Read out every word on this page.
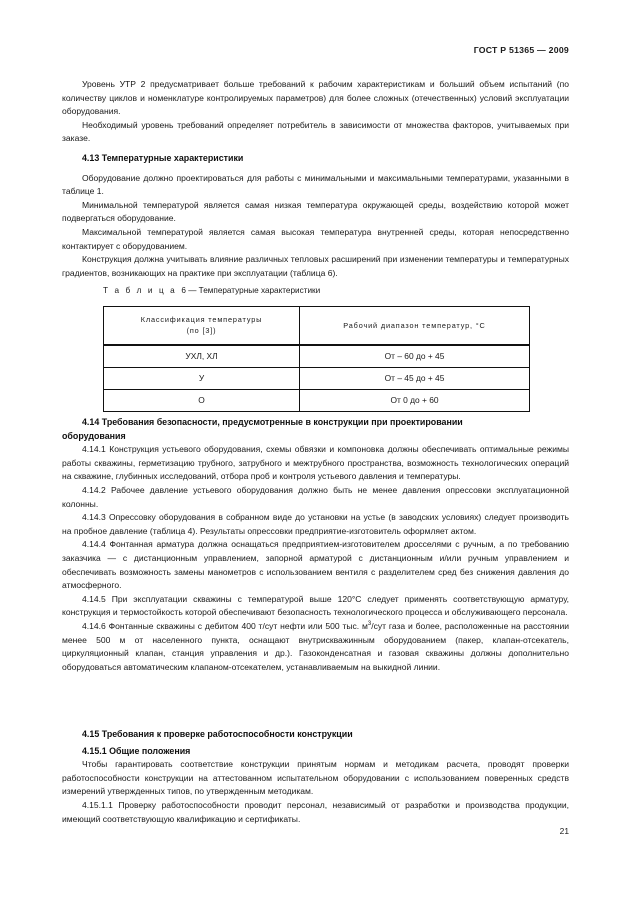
ГОСТ Р 51365 — 2009

Уровень УТР 2 предусматривает больше требований к рабочим характеристикам и больший объем испытаний (по количеству циклов и номенклатуре контролируемых параметров) для более сложных (отечественных) условий эксплуатации оборудования.

Необходимый уровень требований определяет потребитель в зависимости от множества факторов, учитываемых при заказе.

4.13 Температурные характеристики

Оборудование должно проектироваться для работы с минимальными и максимальными температурами, указанными в таблице 1.

Минимальной температурой является самая низкая температура окружающей среды, воздействию которой может подвергаться оборудование.

Максимальной температурой является самая высокая температура внутренней среды, которая непосредственно контактирует с оборудованием.

Конструкция должна учитывать влияние различных тепловых расширений при изменении температуры и температурных градиентов, возникающих на практике при эксплуатации (таблица 6).

Т а б л и ц а 6 — Температурные характеристики
Классификация температуры
(по [3])	Рабочий диапазон температур, °C
УХЛ, ХЛ	От – 60 до + 45
У	От – 45 до + 45
О	От 0 до + 60
4.14 Требования безопасности, предусмотренные в конструкции при проектировании
оборудования

4.14.1 Конструкция устьевого оборудования, схемы обвязки и компоновка должны обеспечивать оптимальные режимы работы скважины, герметизацию трубного, затрубного и межтрубного пространства, возможность технологических операций на скважине, глубинных исследований, отбора проб и контроля устьевого давления и температуры.

4.14.2 Рабочее давление устьевого оборудования должно быть не менее давления опрессовки эксплуатационной колонны.

4.14.3 Опрессовку оборудования в собранном виде до установки на устье (в заводских условиях) следует производить на пробное давление (таблица 4). Результаты опрессовки предприятие-изготовитель оформляет актом.

4.14.4 Фонтанная арматура должна оснащаться предприятием-изготовителем дросселями с ручным, а по требованию заказчика — с дистанционным управлением, запорной арматурой с дистанционным и/или ручным управлением и обеспечивать возможность замены манометров с использованием вентиля с разделителем сред без снижения давления до атмосферного.

4.14.5 При эксплуатации скважины с температурой выше 120°С следует применять соответствующую арматуру, конструкция и термостойкость которой обеспечивают безопасность технологического процесса и обслуживающего персонала.

4.14.6 Фонтанные скважины с дебитом 400 т/сут нефти или 500 тыс. $м^3$/сут газа и более, расположенные на расстоянии менее 500 м от населенного пункта, оснащают внутрискважинным оборудованием (пакер, клапан-отсекатель, циркуляционный клапан, станция управления и др.). Газоконденсатная и газовая скважины должны дополнительно оборудоваться автоматическим клапаном-отсекателем, устанавливаемым на выкидной линии.

4.15 Требования к проверке работоспособности конструкции
4.15.1 Общие положения

Чтобы гарантировать соответствие конструкции принятым нормам и методикам расчета, проводят проверки работоспособности конструкции на аттестованном испытательном оборудовании с использованием поверенных средств измерений утвержденных типов, по утвержденным методикам.

4.15.1.1 Проверку работоспособности проводит персонал, независимый от разработки и производства продукции, имеющий соответствующую квалификацию и сертификаты.

21
